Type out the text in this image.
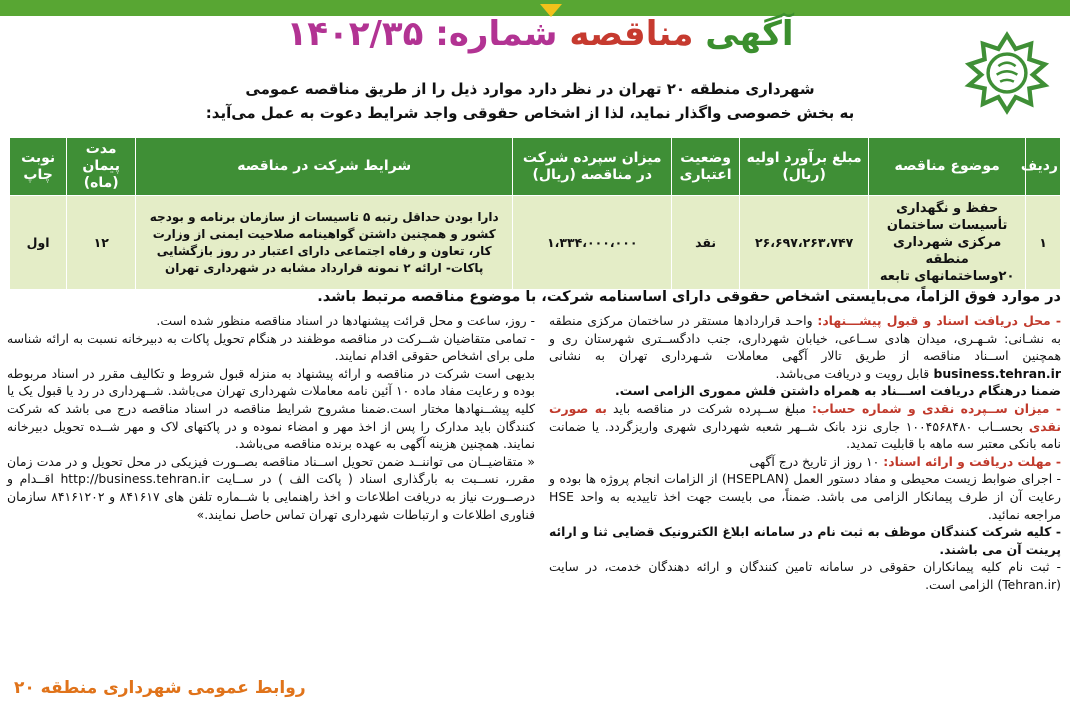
آگهی مناقصه شماره: ۱۴۰۲/۳۵
شهرداری منطقه ۲۰ تهران در نظر دارد موارد ذیل را از طریق مناقصه عمومی
به بخش خصوصی واگذار نماید، لذا از اشخاص حقوقی واجد شرایط دعوت به عمل می‌آید:
ردیف	موضوع مناقصه	مبلغ برآورد اولیه (ریال)	وضعیت اعتباری	میزان سپرده شرکت در مناقصه (ریال)	شرایط شرکت در مناقصه	مدت پیمان (ماه)	نوبت چاپ
۱	حفظ و نگهداری تأسیسات ساختمان مرکزی شهرداری منطقه ۲۰وساختمانهای تابعه	۲۶،۶۹۷،۲۶۳،۷۴۷	نقد	۱،۳۳۴،۰۰۰،۰۰۰	دارا بودن حداقل رتبه ۵ تاسیسات از سازمان برنامه و بودجه کشور و همچنین داشتن گواهینامه صلاحیت ایمنی از وزارت کار، تعاون و رفاه اجتماعی دارای اعتبار در روز بازگشایی پاکات- ارائه ۲ نمونه قرارداد مشابه در شهرداری تهران	۱۲	اول
در موارد فوق الزاماً، می‌بایستی اشخاص حقوقی دارای اساسنامه شرکت، با موضوع مناقصه مرتبط باشد.

- محل دریافت اسناد و قبول پیشـــنهاد: واحـد قراردادها مستقر در ساختمان مرکزی منطقه به نشـانی: شـهـری، میدان هادی ســاعی، خیابان شهرداری، جنب دادگســتری شهرستان ری و همچنین اســناد مناقصه از طریق تالار آگهی معاملات شـهرداری تهران به نشانی business.tehran.ir قابل رویت و دریافت می‌باشد.

ضمنا درهنگام دریافت اســـناد به همراه داشتن فلش مموری الزامی است.

- میزان ســپرده نقدی و شماره حساب: مبلغ ســپرده شرکت در مناقصه باید به صورت نقدی بحســاب ۱۰۰۴۵۶۸۴۸۰ جاری نزد بانک شــهر شعبه شهرداری شهری واریزگردد. یا ضمانت نامه بانکی معتبر سه ماهه با قابلیت تمدید.

- مهلت دریافت و ارائه اسناد: ۱۰ روز از تاریخ درج آگهی

- اجرای ضوابط زیست محیطی و مفاد دستور العمل (HSEPLAN) از الزامات انجام پروژه ها بوده و رعایت آن از طرف پیمانکار الزامی می باشد. ضمناً، می بایست جهت اخذ تاییدیه به واحد HSE مراجعه نمائید.

- کلیه شرکت کنندگان موظف به ثبت نام در سامانه ابلاغ الکترونیک قضایی ثنا و ارائه پرینت آن می باشند.

- ثبت نام کلیه پیمانکاران حقوقی در سامانه تامین کنندگان و ارائه دهندگان خدمت، در سایت (Tehran.ir) الزامی است.

- روز، ساعت و محل قرائت پیشنهادها در اسناد مناقصه منظور شده است.

- تمامی متقاضیان شــرکت در مناقصه موظفند در هنگام تحویل پاکات به دبیرخانه نسبت به ارائه شناسه ملی برای اشخاص حقوقی اقدام نمایند.

بدیهی است شرکت در مناقصه و ارائه پیشنهاد به منزله قبول شروط و تکالیف مقرر در اسناد مربوطه بوده و رعایت مفاد ماده ۱۰ آئین نامه معاملات شهرداری تهران می‌باشد. شــهرداری در رد یا قبول یک یا کلیه پیشــنهادها مختار است.ضمنا مشروح شرایط مناقصه در اسناد مناقصه درج می باشد که شرکت کنندگان باید مدارک را پس از اخذ مهر و امضاء نموده و در پاکتهای لاک و مهر شــده تحویل دبیرخانه نمایند. همچنین هزینه آگهی به عهده برنده مناقصه می‌باشد.

« متقاضیــان می تواننــد ضمن تحویل اســناد مناقصه بصــورت فیزیکی در محل تحویل و در مدت زمان مقرر، نســبت به بارگذاری اسناد ( پاکت الف ) در ســایت http://business.tehran.ir اقــدام و درصــورت نیاز به دریافت اطلاعات و اخذ راهنمایی با شــماره تلفن های ۸۴۱۶۱۷ و ۸۴۱۶۱۲۰۲ سازمان فناوری اطلاعات و ارتباطات شهرداری تهران تماس حاصل نمایند.»

روابط عمومی شهرداری منطقه ۲۰
